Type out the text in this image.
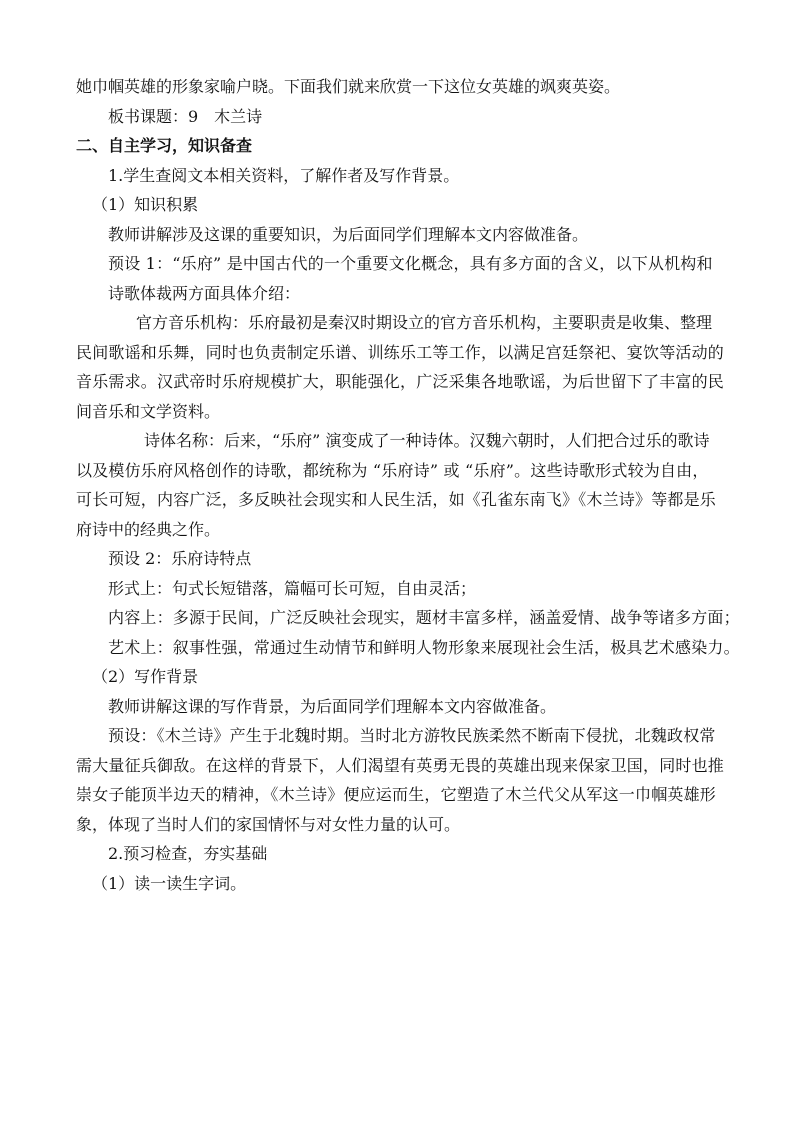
她巾帼英雄的形象家喻户晓。下面我们就来欣赏一下这位女英雄的飒爽英姿。

板书课题：9　木兰诗

二、自主学习，知识备查

1.学生查阅文本相关资料，了解作者及写作背景。

（1）知识积累

教师讲解涉及这课的重要知识，为后面同学们理解本文内容做准备。

预设 1：“乐府” 是中国古代的一个重要文化概念，具有多方面的含义，以下从机构和

诗歌体裁两方面具体介绍：

官方音乐机构：乐府最初是秦汉时期设立的官方音乐机构，主要职责是收集、整理

民间歌谣和乐舞，同时也负责制定乐谱、训练乐工等工作，以满足宫廷祭祀、宴饮等活动的

音乐需求。汉武帝时乐府规模扩大，职能强化，广泛采集各地歌谣，为后世留下了丰富的民

间音乐和文学资料。

诗体名称：后来，“乐府” 演变成了一种诗体。汉魏六朝时，人们把合过乐的歌诗

以及模仿乐府风格创作的诗歌，都统称为 “乐府诗” 或 “乐府”。这些诗歌形式较为自由，

可长可短，内容广泛，多反映社会现实和人民生活，如《孔雀东南飞》《木兰诗》等都是乐

府诗中的经典之作。

预设 2：乐府诗特点

形式上：句式长短错落，篇幅可长可短，自由灵活；

内容上：多源于民间，广泛反映社会现实，题材丰富多样，涵盖爱情、战争等诸多方面；

艺术上：叙事性强，常通过生动情节和鲜明人物形象来展现社会生活，极具艺术感染力。

（2）写作背景

教师讲解这课的写作背景，为后面同学们理解本文内容做准备。

预设：《木兰诗》产生于北魏时期。当时北方游牧民族柔然不断南下侵扰，北魏政权常

需大量征兵御敌。在这样的背景下，人们渴望有英勇无畏的英雄出现来保家卫国，同时也推

崇女子能顶半边天的精神，《木兰诗》便应运而生，它塑造了木兰代父从军这一巾帼英雄形

象，体现了当时人们的家国情怀与对女性力量的认可。

2.预习检查，夯实基础

（1）读一读生字词。
